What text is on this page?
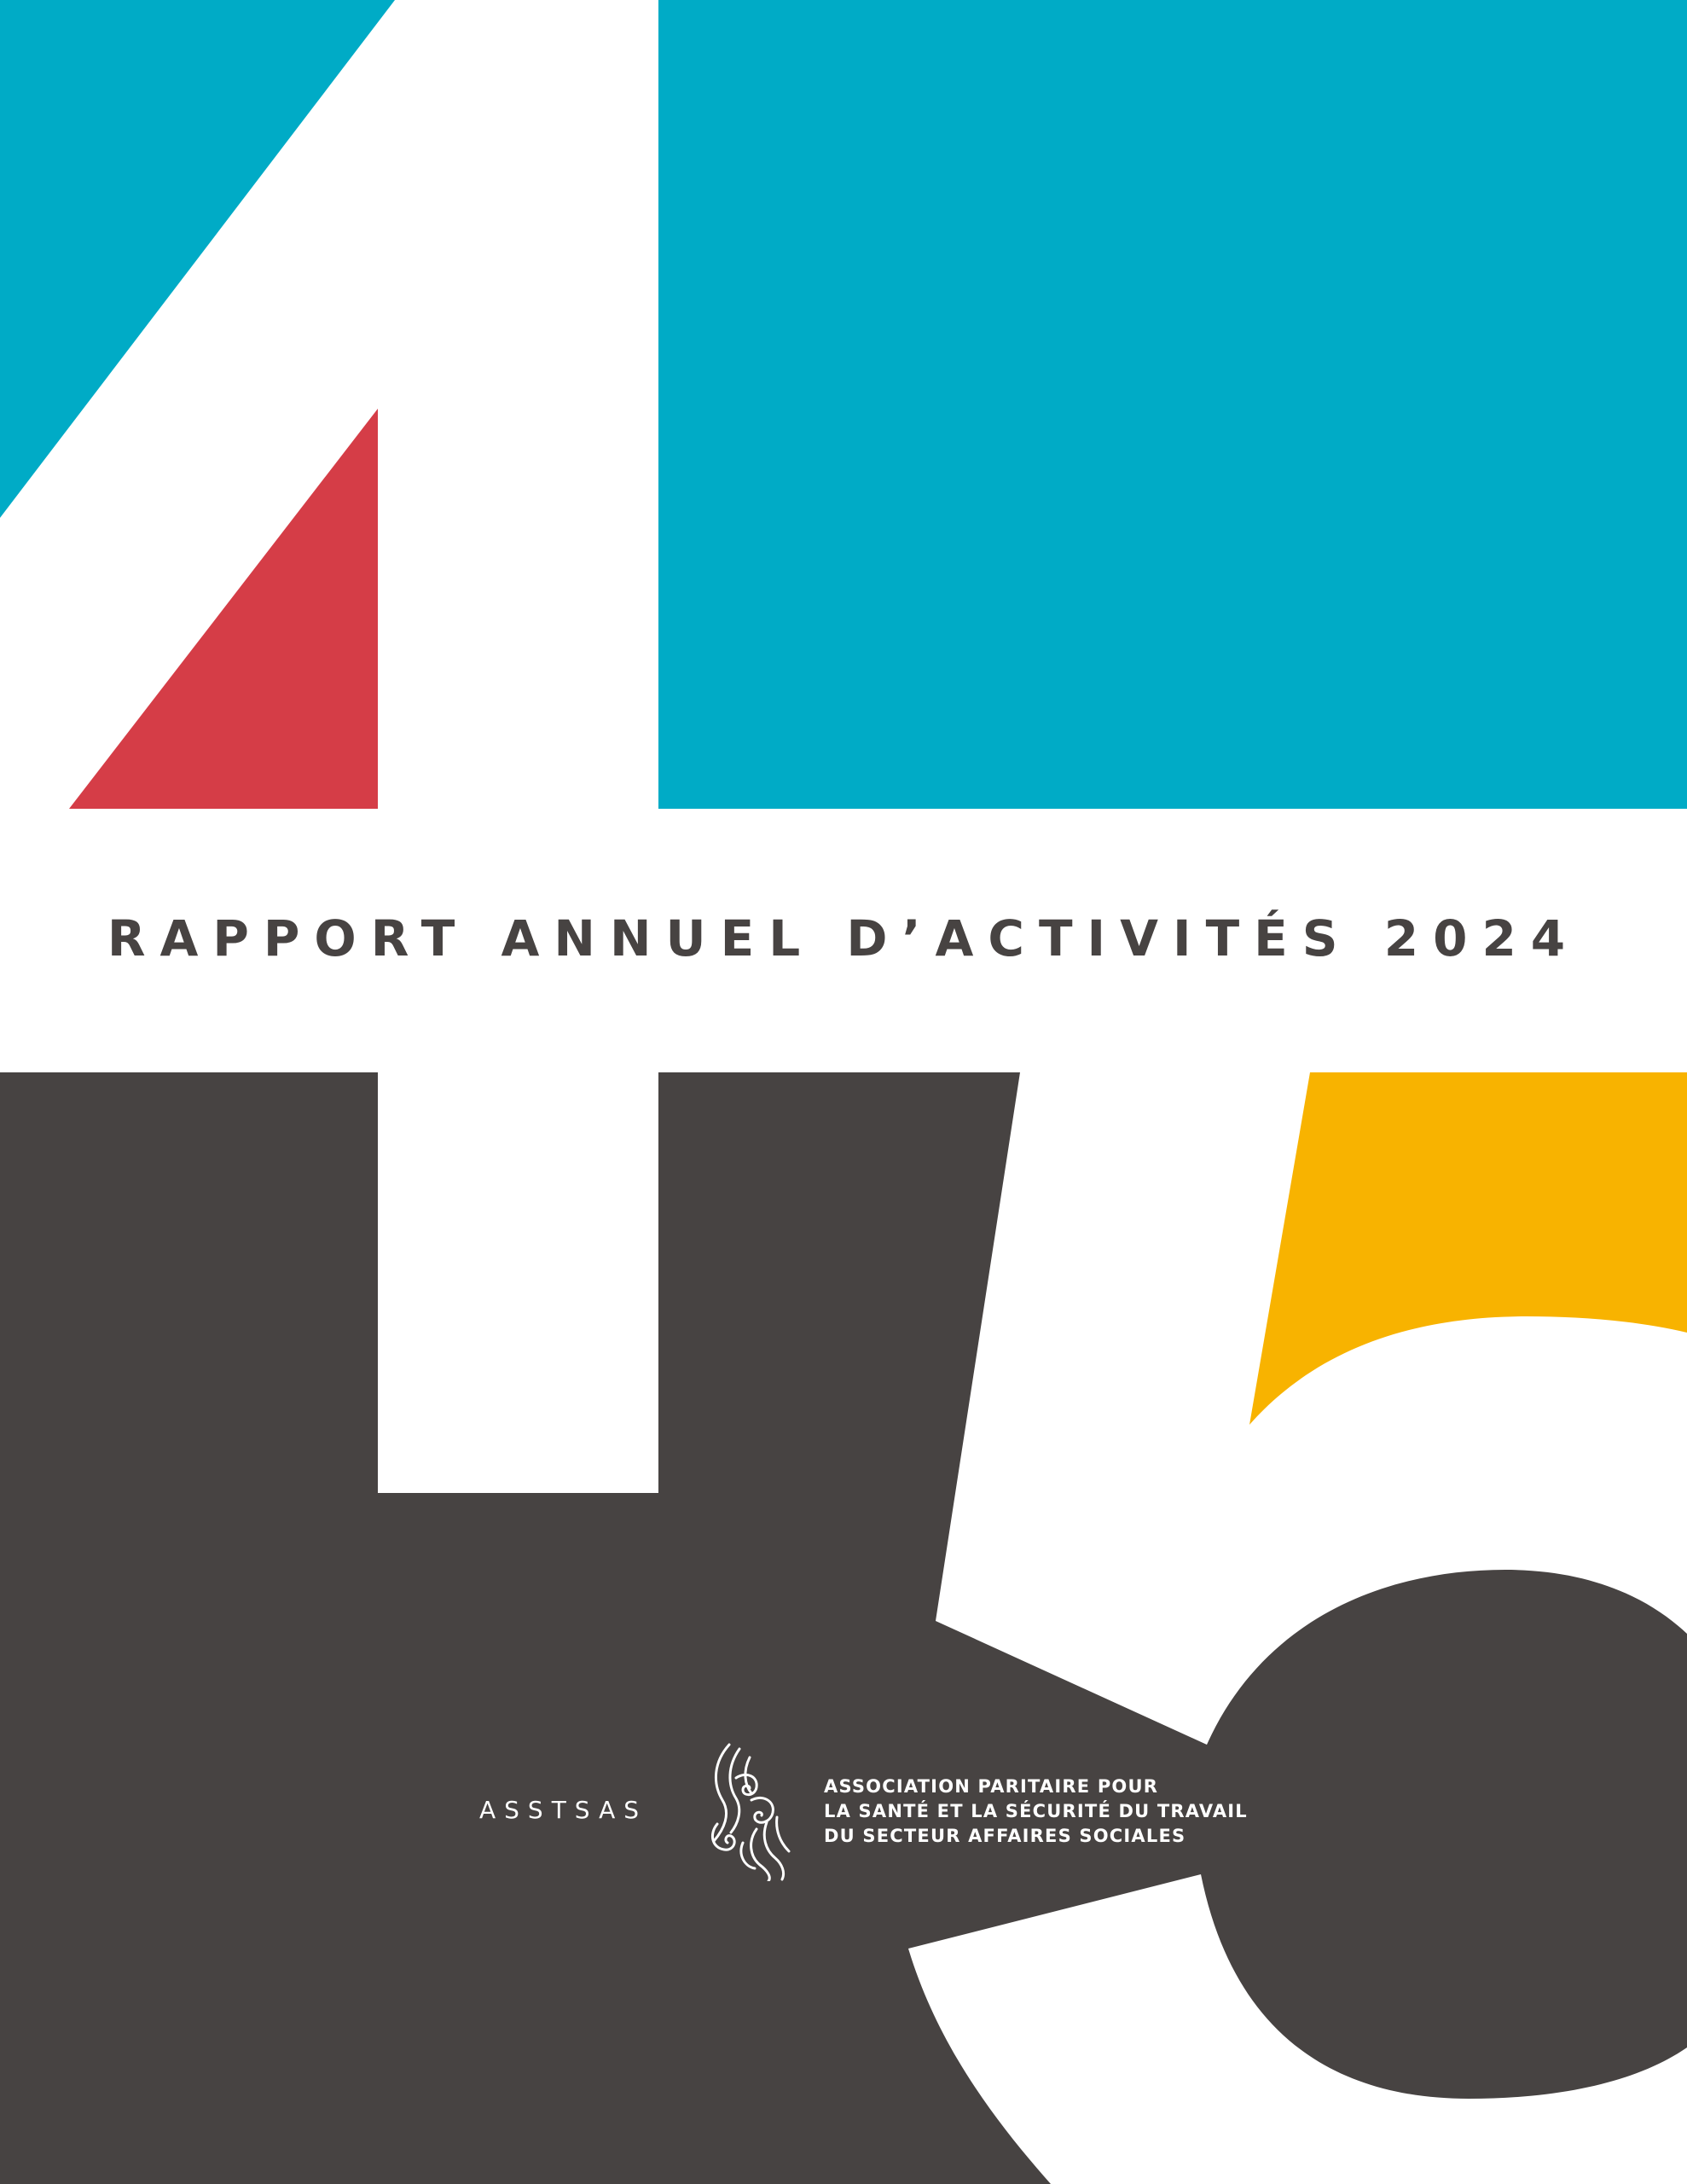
RAPPORT ANNUEL D’ACTIVITÉS 2024
ASSTSAS
ASSOCIATION PARITAIRE POUR
LA SANTÉ ET LA SÉCURITÉ DU TRAVAIL
DU SECTEUR AFFAIRES SOCIALES
